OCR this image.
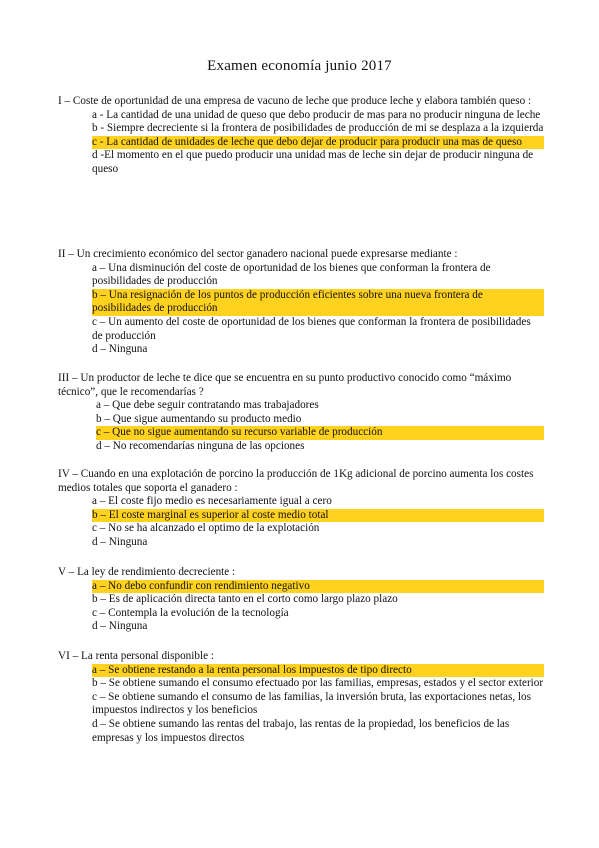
Examen economía junio 2017
I – Coste de oportunidad de una empresa de vacuno de leche que produce leche y elabora también queso :
a - La cantidad de una unidad de queso que debo producir de mas para no producir ninguna de leche
b - Siempre decreciente si la frontera de posibilidades de producción de mi se desplaza a la izquierda
c - La cantidad de unidades de leche que debo dejar de producir para producir una mas de queso
d -El momento en el que puedo producir una unidad mas de leche sin dejar de producir ninguna de queso
II – Un crecimiento económico del sector ganadero nacional puede expresarse mediante :
a – Una disminución del coste de oportunidad de los bienes que conforman la frontera de posibilidades de producción
b – Una resignación de los puntos de producción eficientes sobre una nueva frontera de posibilidades de producción
c – Un aumento del coste de oportunidad de los bienes que conforman la frontera de posibilidades de producción
d – Ninguna
III – Un productor de leche te dice que se encuentra en su punto productivo conocido como “máximo técnico”, que le recomendarías ?
a – Que debe seguir contratando mas trabajadores
b – Que sigue aumentando su producto medio
c – Que no sigue aumentando su recurso variable de producción
d – No recomendarías ninguna de las opciones
IV – Cuando en una explotación de porcino la producción de 1Kg adicional de porcino aumenta los costes medios totales que soporta el ganadero :
a – El coste fijo medio es necesariamente igual a cero
b – El coste marginal es superior al coste medio total
c – No se ha alcanzado el optimo de la explotación
d – Ninguna
V – La ley de rendimiento decreciente :
a – No debo confundir con rendimiento negativo
b – Es de aplicación directa tanto en el corto como largo plazo plazo
c – Contempla la evolución de la tecnología
d – Ninguna
VI – La renta personal disponible :
a – Se obtiene restando a la renta personal los impuestos de tipo directo
b – Se obtiene sumando el consumo efectuado por las familias, empresas, estados y el sector exterior
c – Se obtiene sumando el consumo de las familias, la inversión bruta, las exportaciones netas, los impuestos indirectos y los beneficios
d – Se obtiene sumando las rentas del trabajo, las rentas de la propiedad, los beneficios de las empresas y los impuestos directos
